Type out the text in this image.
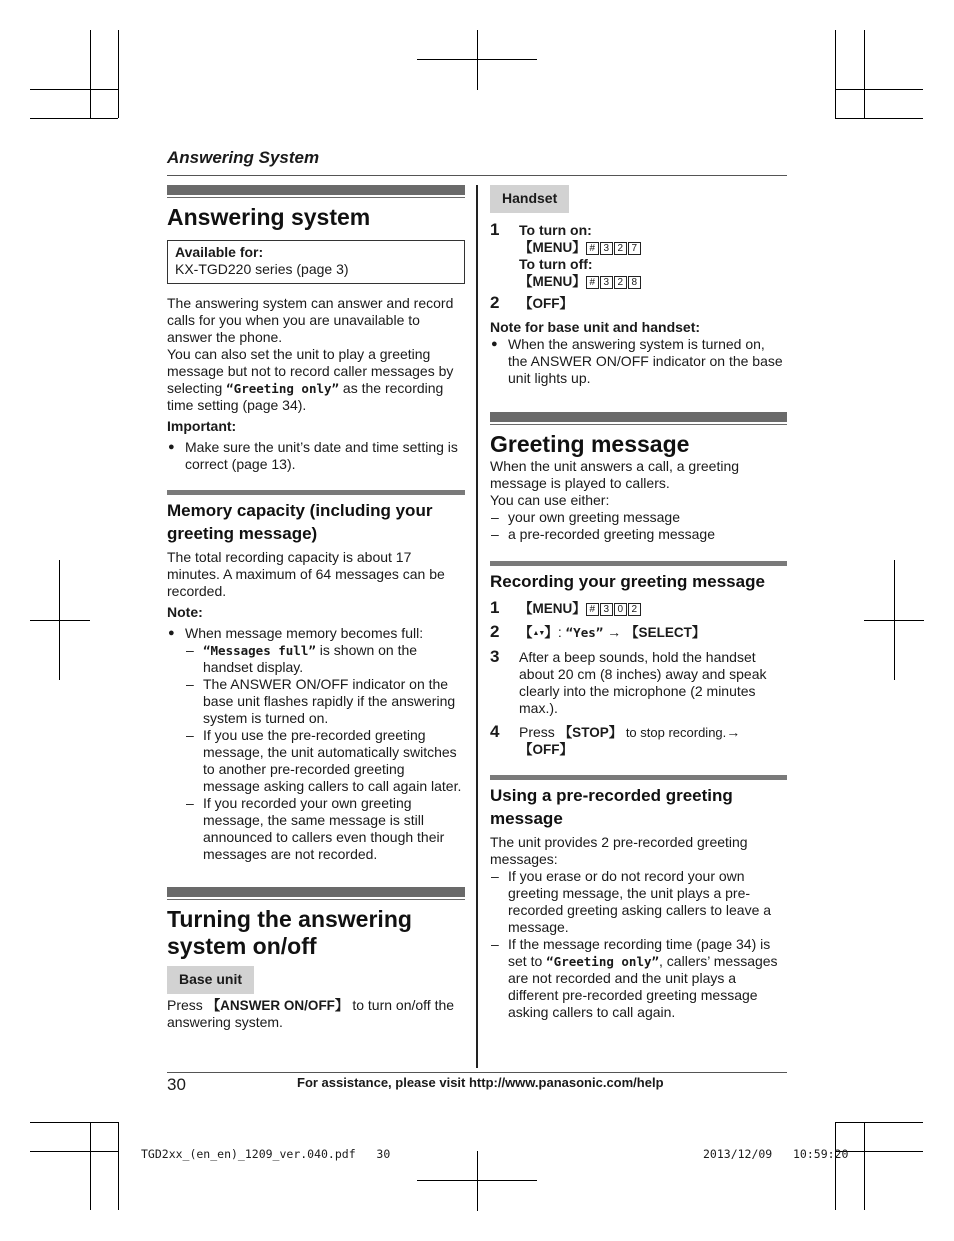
Answering System
Answering system
Available for:
KX-TGD220 series (page 3)

The answering system can answer and record calls for you when you are unavailable to answer the phone.

You can also set the unit to play a greeting message but not to record caller messages by selecting “Greeting only” as the recording time setting (page 34).

Important:

● Make sure the unit’s date and time setting is correct (page 13).
Memory capacity (including your greeting message)

The total recording capacity is about 17 minutes. A maximum of 64 messages can be recorded.

Note:

● When message memory becomes full:
– “Messages full” is shown on the handset display.
– The ANSWER ON/OFF indicator on the base unit flashes rapidly if the answering system is turned on.
– If you use the pre-recorded greeting message, the unit automatically switches to another pre-recorded greeting message asking callers to call again later.
– If you recorded your own greeting message, the same message is still announced to callers even though their messages are not recorded.
Turning the answering system on/off
Base unit

Press 【ANSWER ON/OFF】 to turn on/off the answering system.

Handset
1	To turn on:
【MENU】 # 3 2 7
To turn off:
【MENU】 # 3 2 8
2	【OFF】

Note for base unit and handset:

● When the answering system is turned on, the ANSWER ON/OFF indicator on the base unit lights up.
Greeting message

When the unit answers a call, a greeting message is played to callers.

You can use either:

– your own greeting message
– a pre-recorded greeting message
Recording your greeting message
1	【MENU】 # 3 0 2
2	【▲▼】: “Yes” → 【SELECT】
3	After a beep sounds, hold the handset about 20 cm (8 inches) away and speak clearly into the microphone (2 minutes max.).
4	Press 【STOP】 to stop recording.→ 【OFF】
Using a pre-recorded greeting message

The unit provides 2 pre-recorded greeting messages:

– If you erase or do not record your own greeting message, the unit plays a pre-recorded greeting asking callers to leave a message.
– If the message recording time (page 34) is set to “Greeting only”, callers’ messages are not recorded and the unit plays a different pre-recorded greeting message asking callers to call again.
30	For assistance, please visit http://www.panasonic.com/help
TGD2xx_(en_en)_1209_ver.040.pdf   30	2013/12/09   10:59:20
